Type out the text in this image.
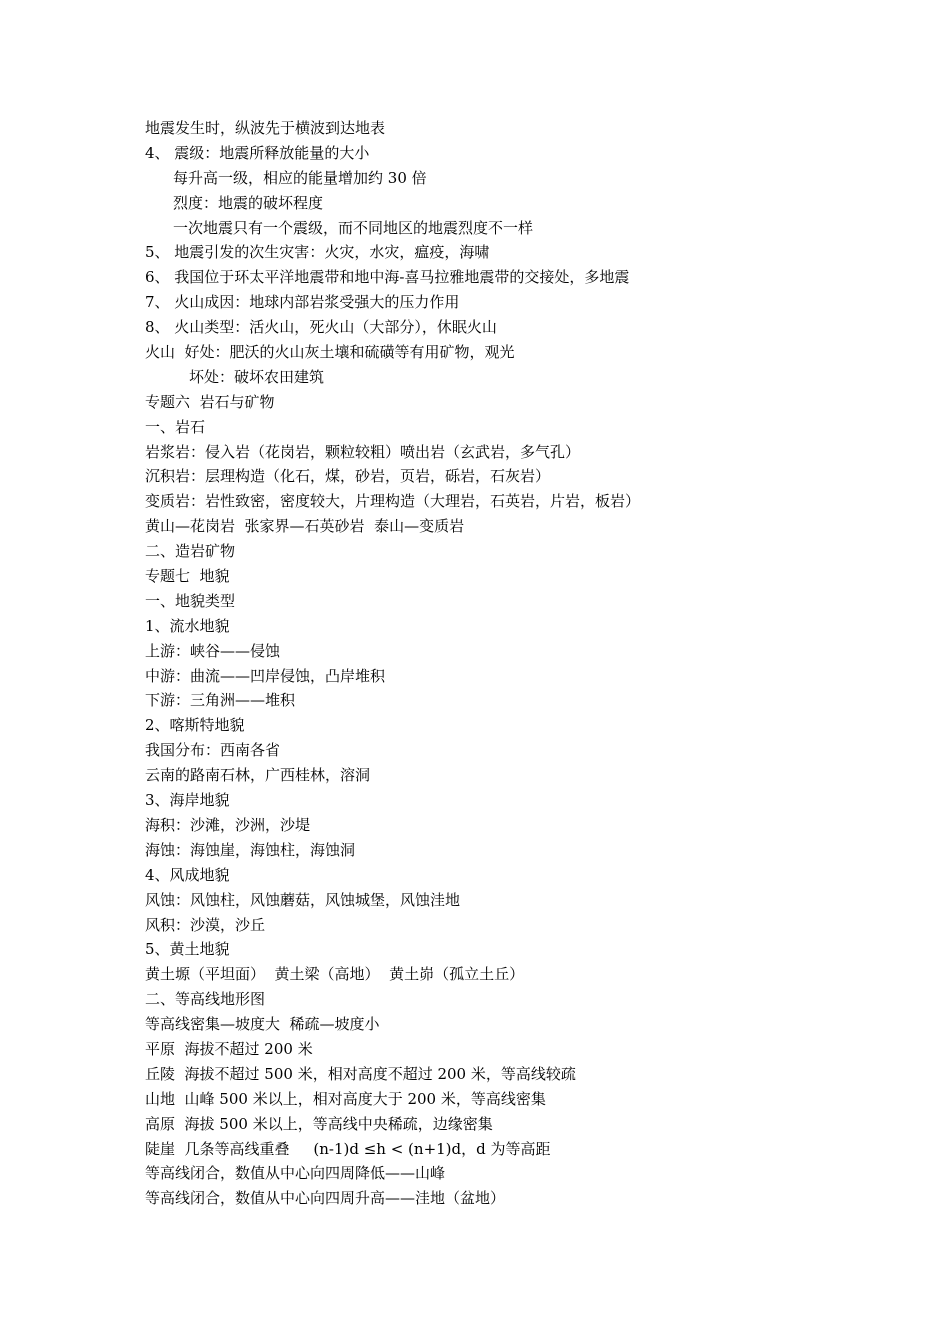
地震发生时，纵波先于横波到达地表
4、 震级：地震所释放能量的大小
每升高一级，相应的能量增加约 30 倍
烈度：地震的破坏程度
一次地震只有一个震级，而不同地区的地震烈度不一样
5、 地震引发的次生灾害：火灾，水灾，瘟疫，海啸
6、 我国位于环太平洋地震带和地中海-喜马拉雅地震带的交接处，多地震
7、 火山成因：地球内部岩浆受强大的压力作用
8、 火山类型：活火山，死火山（大部分），休眠火山
火山  好处：肥沃的火山灰土壤和硫磺等有用矿物，观光
坏处：破坏农田建筑
专题六  岩石与矿物
一、岩石
岩浆岩：侵入岩（花岗岩，颗粒较粗）喷出岩（玄武岩，多气孔）
沉积岩：层理构造（化石，煤，砂岩，页岩，砾岩，石灰岩）
变质岩：岩性致密，密度较大，片理构造（大理岩，石英岩，片岩，板岩）
黄山—花岗岩  张家界—石英砂岩  泰山—变质岩
二、造岩矿物
专题七  地貌
一、地貌类型
1、流水地貌
上游：峡谷——侵蚀
中游：曲流——凹岸侵蚀，凸岸堆积
下游：三角洲——堆积
2、喀斯特地貌
我国分布：西南各省
云南的路南石林，广西桂林，溶洞
3、海岸地貌
海积：沙滩，沙洲，沙堤
海蚀：海蚀崖，海蚀柱，海蚀洞
4、风成地貌
风蚀：风蚀柱，风蚀蘑菇，风蚀城堡，风蚀洼地
风积：沙漠，沙丘
5、黄土地貌
黄土塬（平坦面）  黄土梁（高地）  黄土峁（孤立土丘）
二、等高线地形图
等高线密集—坡度大  稀疏—坡度小
平原  海拔不超过 200 米
丘陵  海拔不超过 500 米，相对高度不超过 200 米，等高线较疏
山地  山峰 500 米以上，相对高度大于 200 米，等高线密集
高原  海拔 500 米以上，等高线中央稀疏，边缘密集
陡崖  几条等高线重叠     (n-1)d ≤h < (n+1)d，d 为等高距
等高线闭合，数值从中心向四周降低——山峰
等高线闭合，数值从中心向四周升高——洼地（盆地）
